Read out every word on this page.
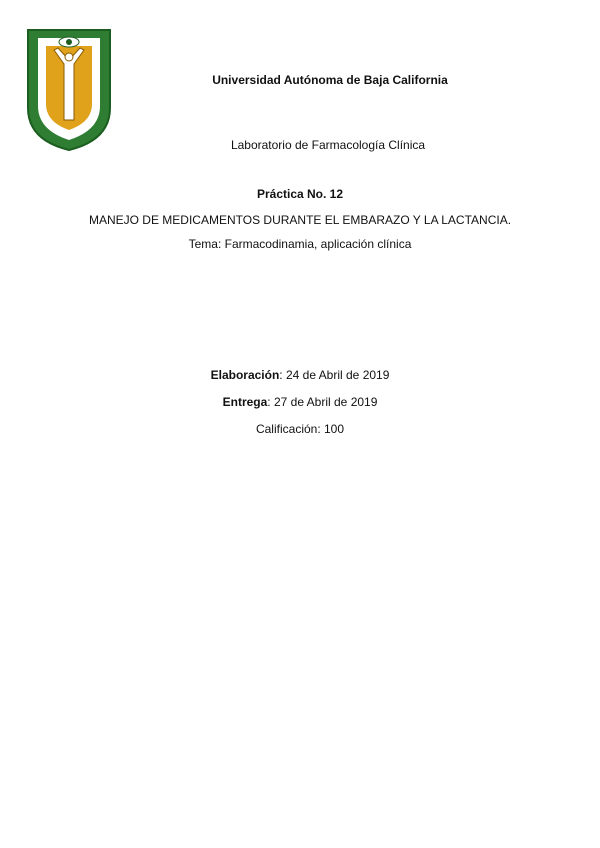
Universidad Autónoma de Baja California
Laboratorio de Farmacología Clínica
Práctica No. 12
MANEJO DE MEDICAMENTOS DURANTE EL EMBARAZO Y LA LACTANCIA.
Tema: Farmacodinamia, aplicación clínica
Elaboración: 24 de Abril de 2019
Entrega: 27 de Abril de 2019
Calificación: 100
